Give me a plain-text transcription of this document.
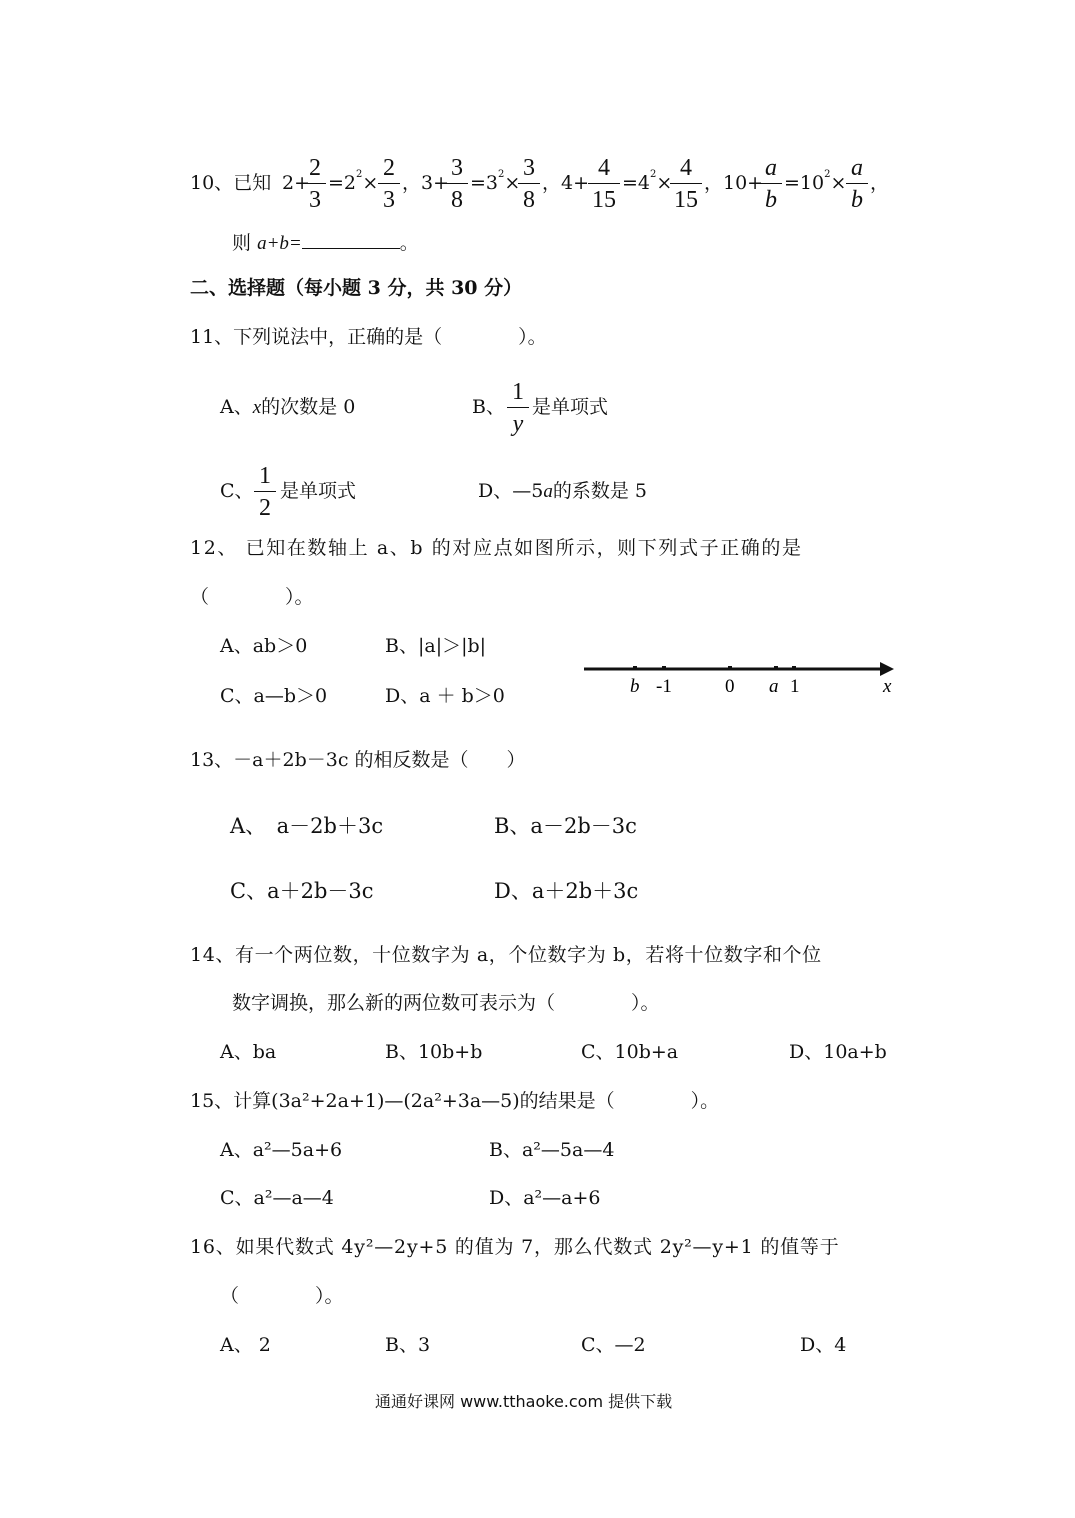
10、已知 2+
2
3
$=2^2\times$
2
3
，3+
3
8
$=3^2\times$
3
8
，4+
4
15
$=4^2\times$
4
15
，10+
a
b
$=10^2\times$
a
b
，
则 a+b=	。
二、选择题（每小题 3 分，共 30 分）
11、下列说法中，正确的是（　　　　）。
A、x的次数是 0	B、
1
y
是单项式
C、
1
2
是单项式	D、—5a的系数是 5
12、 已知在数轴上 a、b 的对应点如图所示，则下列式子正确的是
（　　　　）。
A、ab＞0	B、|a|＞|b|
C、a—b＞0	D、a ＋ b＞0	b -1	0 a 1	x
13、－a＋2b－3c 的相反数是（　　）
A、　a－2b＋3c	B、a－2b－3c
C、a＋2b－3c	D、a＋2b＋3c
14、有一个两位数，十位数字为 a，个位数字为 b，若将十位数字和个位
数字调换，那么新的两位数可表示为（　　　　）。
A、ba	B、10b+b	C、10b+a	D、10a+b
15、计算(3a²+2a+1)—(2a²+3a—5)的结果是（　　　　）。
A、a²—5a+6	B、a²—5a—4
C、a²—a—4	D、a²—a+6
16、如果代数式 4y²—2y+5 的值为 7，那么代数式 2y²—y+1 的值等于
（　　　　）。
A、 2	B、3	C、—2	D、4
通通好课网 www.tthaoke.com 提供下载
